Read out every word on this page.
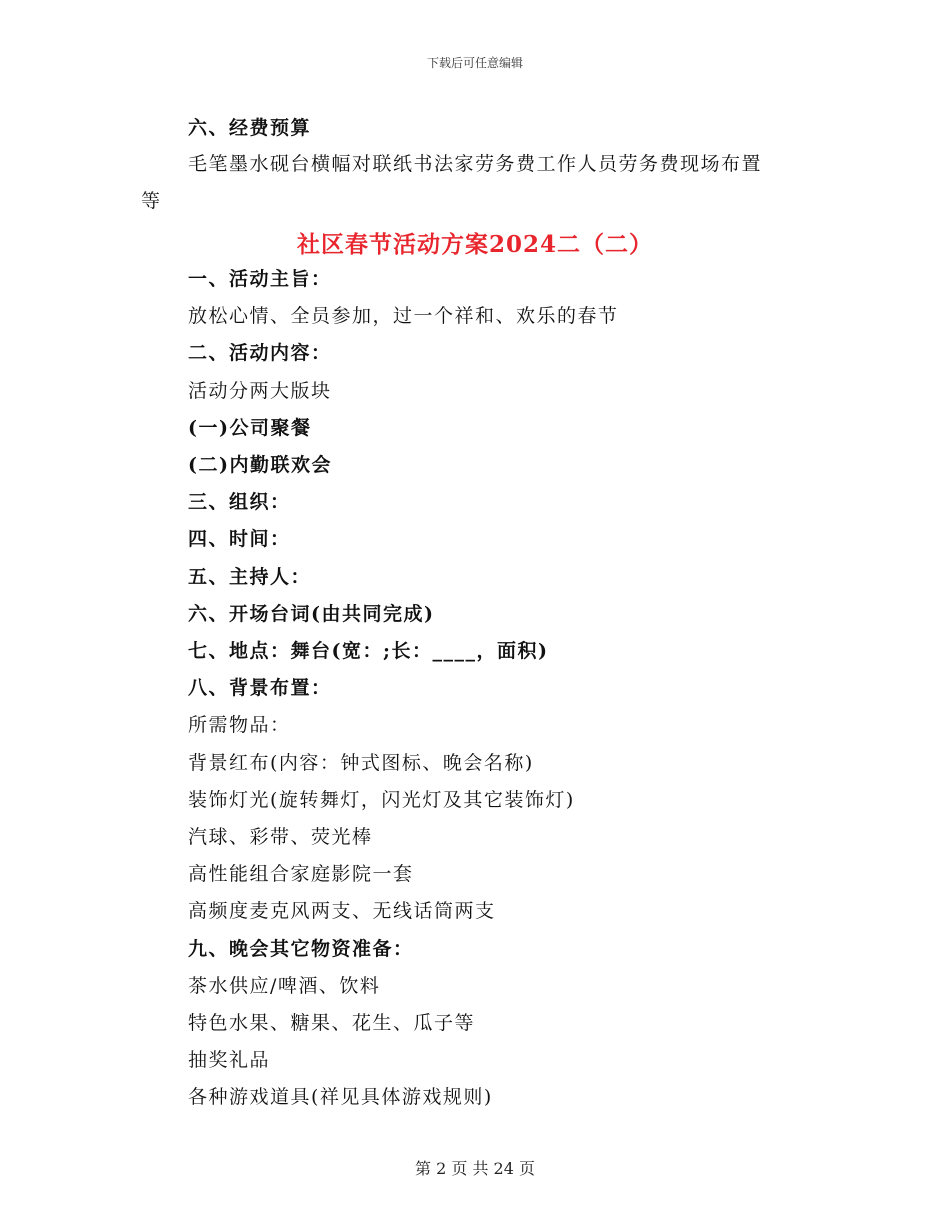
下载后可任意编辑
六、经费预算
毛笔墨水砚台横幅对联纸书法家劳务费工作人员劳务费现场布置
等
社区春节活动方案2024二（二）
一、活动主旨：
放松心情、全员参加，过一个祥和、欢乐的春节
二、活动内容：
活动分两大版块
(一)公司聚餐
(二)内勤联欢会
三、组织：
四、时间：
五、主持人：
六、开场台词(由共同完成)
七、地点：舞台(宽：;长：____，面积)
八、背景布置：
所需物品：
背景红布(内容：钟式图标、晚会名称)
装饰灯光(旋转舞灯，闪光灯及其它装饰灯)
汽球、彩带、荧光棒
高性能组合家庭影院一套
高频度麦克风两支、无线话筒两支
九、晚会其它物资准备：
茶水供应/啤酒、饮料
特色水果、糖果、花生、瓜子等
抽奖礼品
各种游戏道具(祥见具体游戏规则)
第 2 页 共 24 页
